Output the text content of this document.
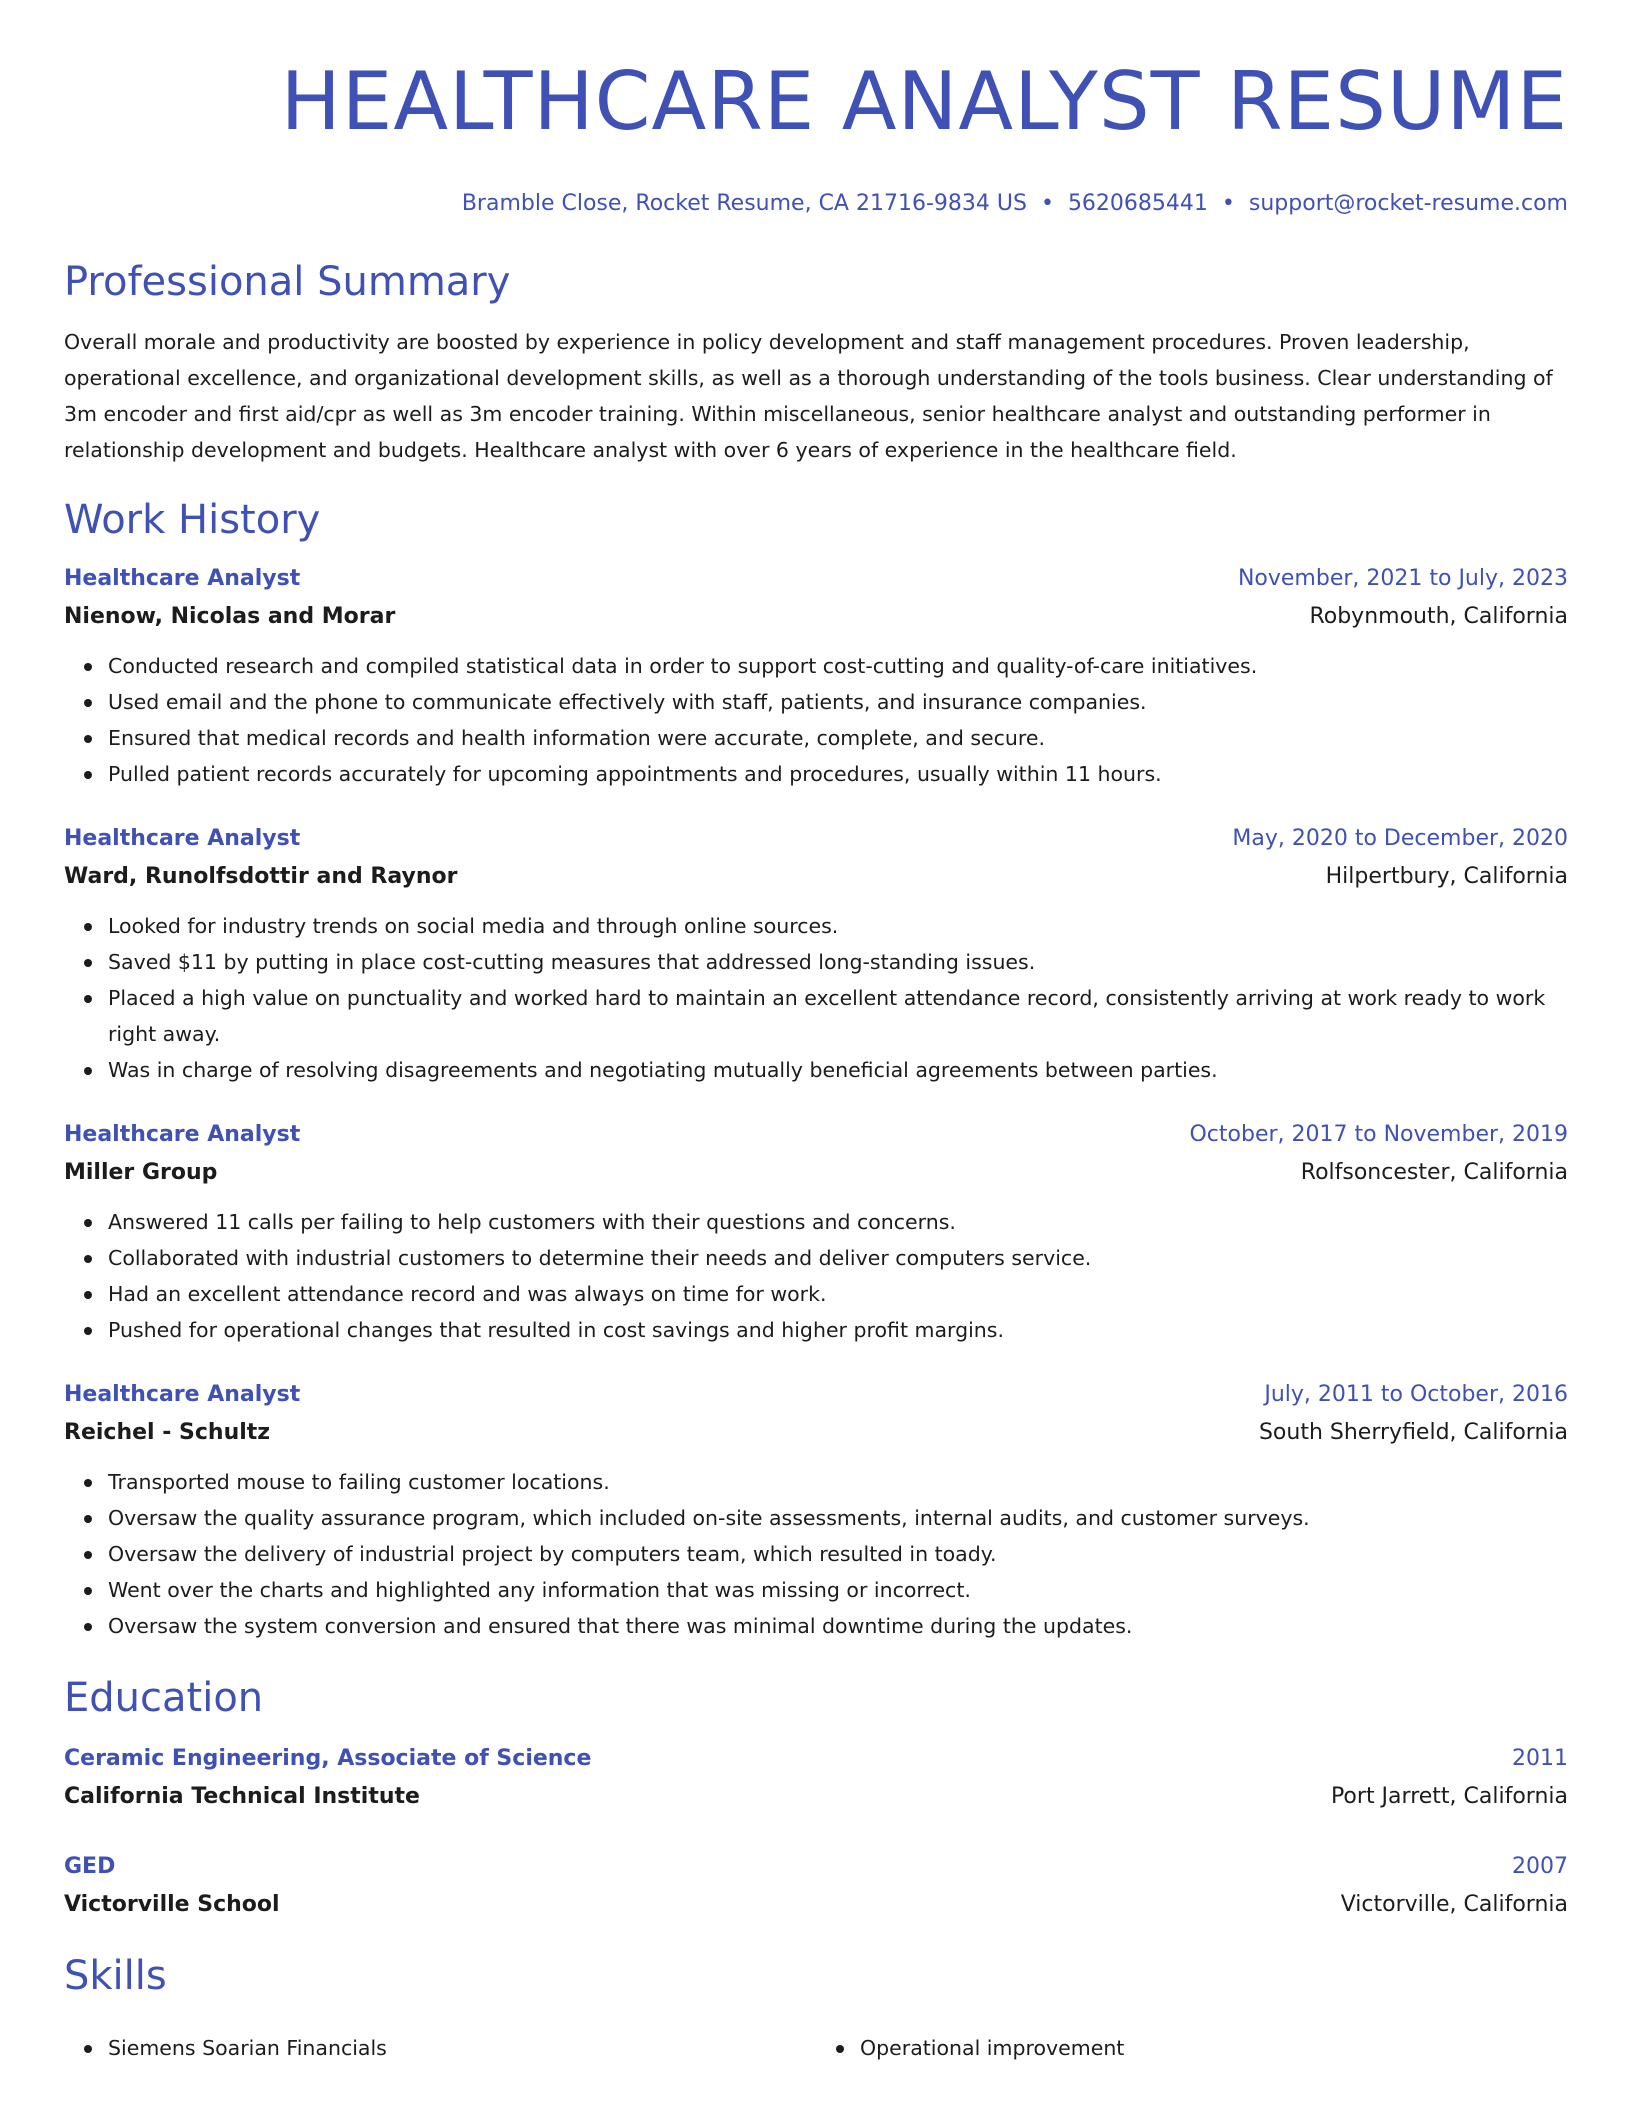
HEALTHCARE ANALYST RESUME
Bramble Close, Rocket Resume, CA 21716-9834 US • 5620685441 • support@rocket-resume.com
Professional Summary
Overall morale and productivity are boosted by experience in policy development and staff management procedures. Proven leadership, operational excellence, and organizational development skills, as well as a thorough understanding of the tools business. Clear understanding of 3m encoder and first aid/cpr as well as 3m encoder training. Within miscellaneous, senior healthcare analyst and outstanding performer in relationship development and budgets. Healthcare analyst with over 6 years of experience in the healthcare field.
Work History
Healthcare Analyst	November, 2021 to July, 2023
Nienow, Nicolas and Morar	Robynmouth, California
Conducted research and compiled statistical data in order to support cost-cutting and quality-of-care initiatives.
Used email and the phone to communicate effectively with staff, patients, and insurance companies.
Ensured that medical records and health information were accurate, complete, and secure.
Pulled patient records accurately for upcoming appointments and procedures, usually within 11 hours.
Healthcare Analyst	May, 2020 to December, 2020
Ward, Runolfsdottir and Raynor	Hilpertbury, California
Looked for industry trends on social media and through online sources.
Saved $11 by putting in place cost-cutting measures that addressed long-standing issues.
Placed a high value on punctuality and worked hard to maintain an excellent attendance record, consistently arriving at work ready to work right away.
Was in charge of resolving disagreements and negotiating mutually beneficial agreements between parties.
Healthcare Analyst	October, 2017 to November, 2019
Miller Group	Rolfsoncester, California
Answered 11 calls per failing to help customers with their questions and concerns.
Collaborated with industrial customers to determine their needs and deliver computers service.
Had an excellent attendance record and was always on time for work.
Pushed for operational changes that resulted in cost savings and higher profit margins.
Healthcare Analyst	July, 2011 to October, 2016
Reichel - Schultz	South Sherryfield, California
Transported mouse to failing customer locations.
Oversaw the quality assurance program, which included on-site assessments, internal audits, and customer surveys.
Oversaw the delivery of industrial project by computers team, which resulted in toady.
Went over the charts and highlighted any information that was missing or incorrect.
Oversaw the system conversion and ensured that there was minimal downtime during the updates.
Education
Ceramic Engineering, Associate of Science	2011
California Technical Institute	Port Jarrett, California
GED	2007
Victorville School	Victorville, California
Skills
Siemens Soarian Financials	Operational improvement
